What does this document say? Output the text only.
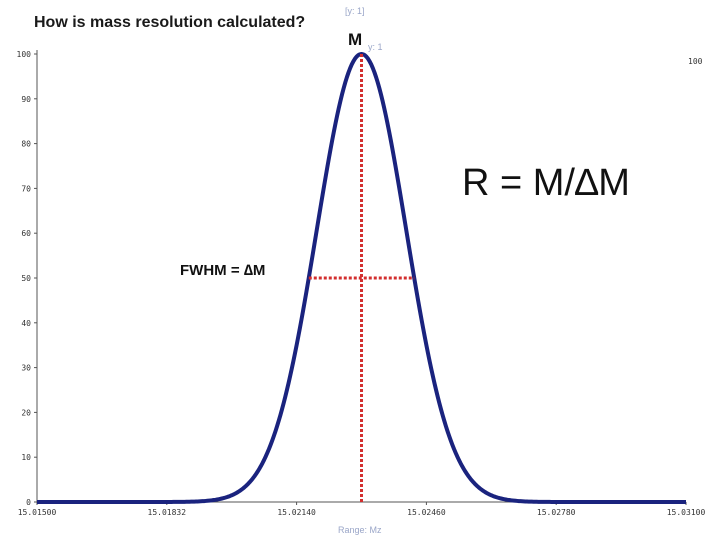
How is mass resolution calculated?
[y: 1]
M y: 1
FWHM = ∆M
R = M/∆M
Range: Mz
0
10
20
30
40
50
60
70
80
90
100
100
15.01500	15.01832	15.02140	15.02460	15.02780	15.03100
